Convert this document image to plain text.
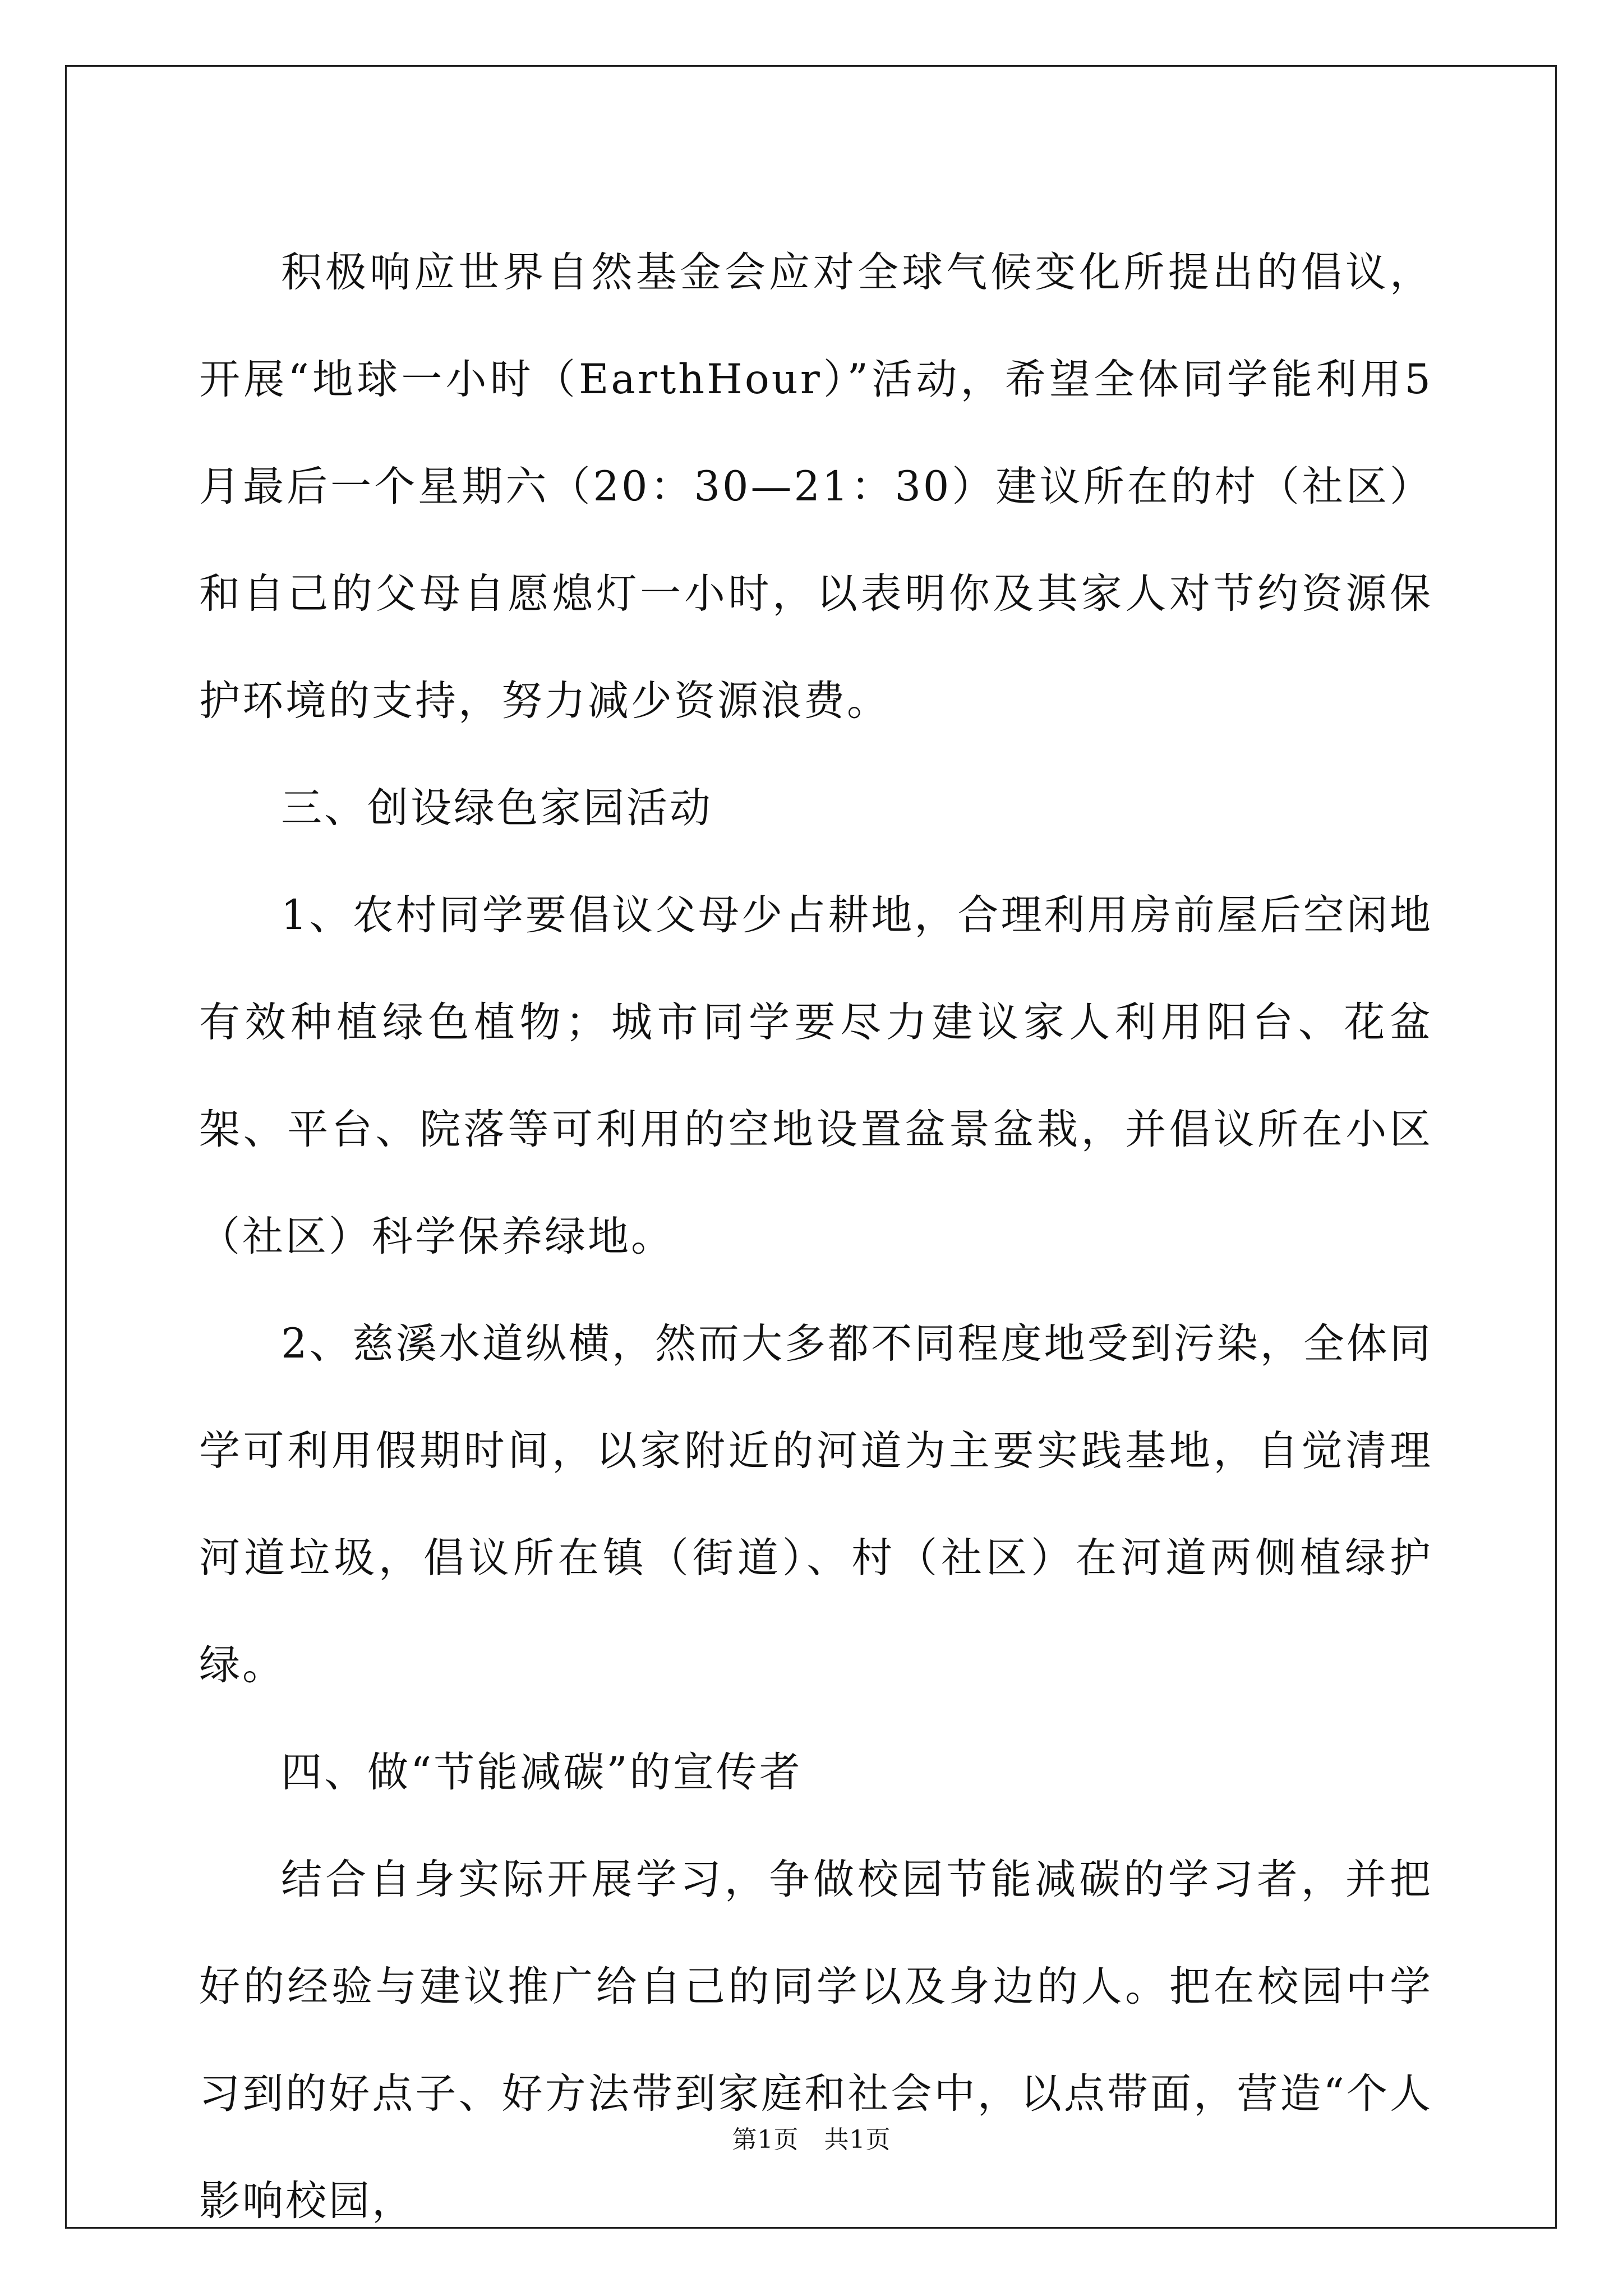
积极响应世界自然基金会应对全球气候变化所提出的倡议，开展“地球一小时（EarthHour）”活动，希望全体同学能利用5月最后一个星期六（20：30—21：30）建议所在的村（社区）和自己的父母自愿熄灯一小时，以表明你及其家人对节约资源保护环境的支持，努力减少资源浪费。

三、创设绿色家园活动

1、农村同学要倡议父母少占耕地，合理利用房前屋后空闲地有效种植绿色植物；城市同学要尽力建议家人利用阳台、花盆架、平台、院落等可利用的空地设置盆景盆栽，并倡议所在小区（社区）科学保养绿地。

2、慈溪水道纵横，然而大多都不同程度地受到污染，全体同学可利用假期时间，以家附近的河道为主要实践基地，自觉清理河道垃圾，倡议所在镇（街道）、村（社区）在河道两侧植绿护绿。

四、做“节能减碳”的宣传者

结合自身实际开展学习，争做校园节能减碳的学习者，并把好的经验与建议推广给自己的同学以及身边的人。把在校园中学习到的好点子、好方法带到家庭和社会中，以点带面，营造“个人影响校园，

第1页　共1页
